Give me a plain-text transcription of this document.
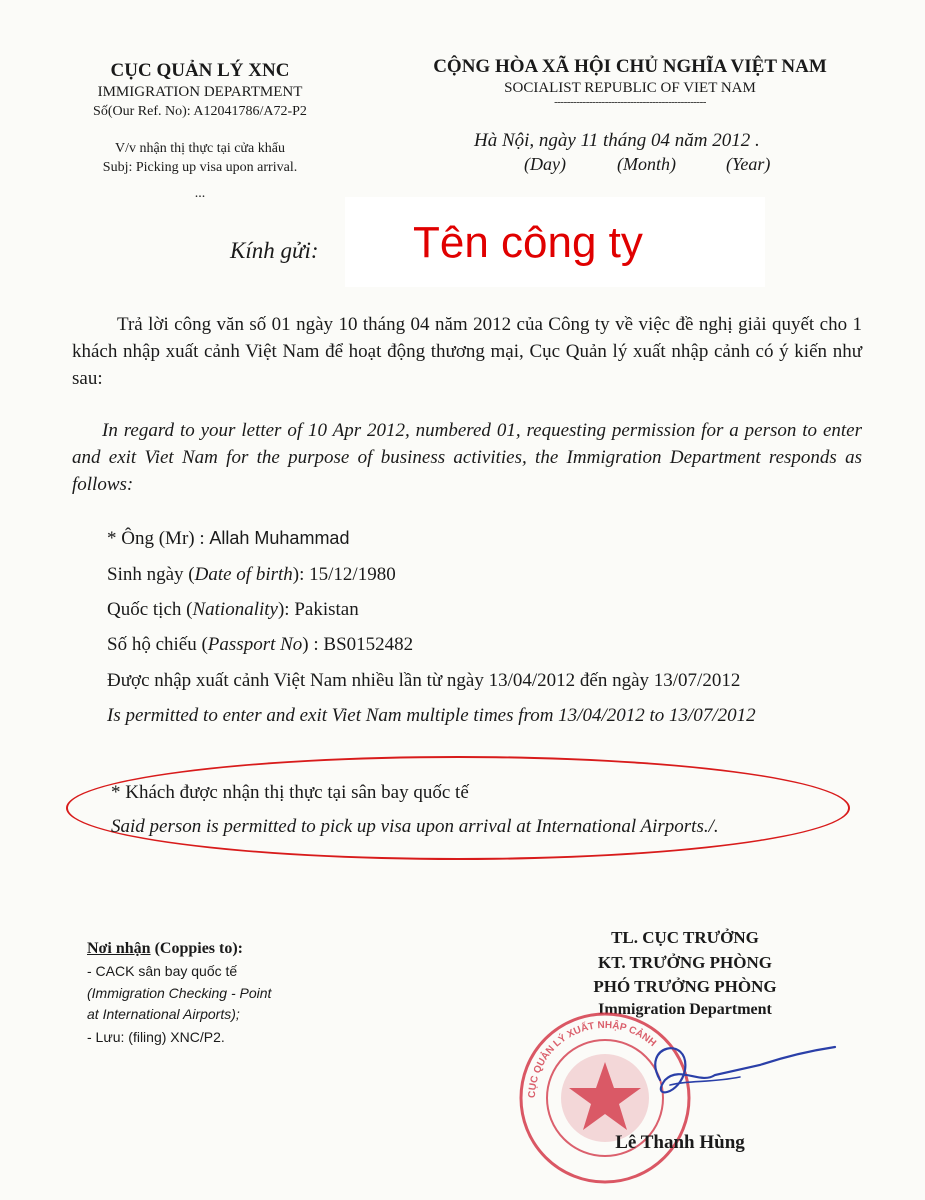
CỤC QUẢN LÝ XNC
IMMIGRATION DEPARTMENT
Số(Our Ref. No): A12041786/A72-P2
V/v nhận thị thực tại cửa khẩu
Subj: Picking up visa upon arrival.
...
CỘNG HÒA XÃ HỘI CHỦ NGHĨA VIỆT NAM
SOCIALIST REPUBLIC OF VIET NAM
------------------------------------------------
Hà Nội, ngày 11 tháng 04 năm 2012 .
(Day)	(Month)	(Year)
Kính gửi: Tên công ty
Trả lời công văn số 01 ngày 10 tháng 04 năm 2012 của Công ty về việc đề nghị giải quyết cho 1 khách nhập xuất cảnh Việt Nam để hoạt động thương mại, Cục Quản lý xuất nhập cảnh có ý kiến như sau:
In regard to your letter of 10 Apr 2012, numbered 01, requesting permission for a person to enter and exit Viet Nam for the purpose of business activities, the Immigration Department responds as follows:
* Ông (Mr) : Allah Muhammad
Sinh ngày (Date of birth): 15/12/1980
Quốc tịch (Nationality): Pakistan
Số hộ chiếu (Passport No) : BS0152482
Được nhập xuất cảnh Việt Nam nhiều lần từ ngày 13/04/2012 đến ngày 13/07/2012
Is permitted to enter and exit Viet Nam multiple times from 13/04/2012 to 13/07/2012
* Khách được nhận thị thực tại sân bay quốc tế
Said person is permitted to pick up visa upon arrival at International Airports./.
Nơi nhận (Coppies to):
- CACK sân bay quốc tế
(Immigration Checking - Point
at International Airports);
- Lưu: (filing) XNC/P2.
TL. CỤC TRƯỞNG
KT. TRƯỞNG PHÒNG
PHÓ TRƯỞNG PHÒNG
Immigration Department
CỤC QUẢN LÝ XUẤT NHẬP CẢNH
Lê Thanh Hùng
